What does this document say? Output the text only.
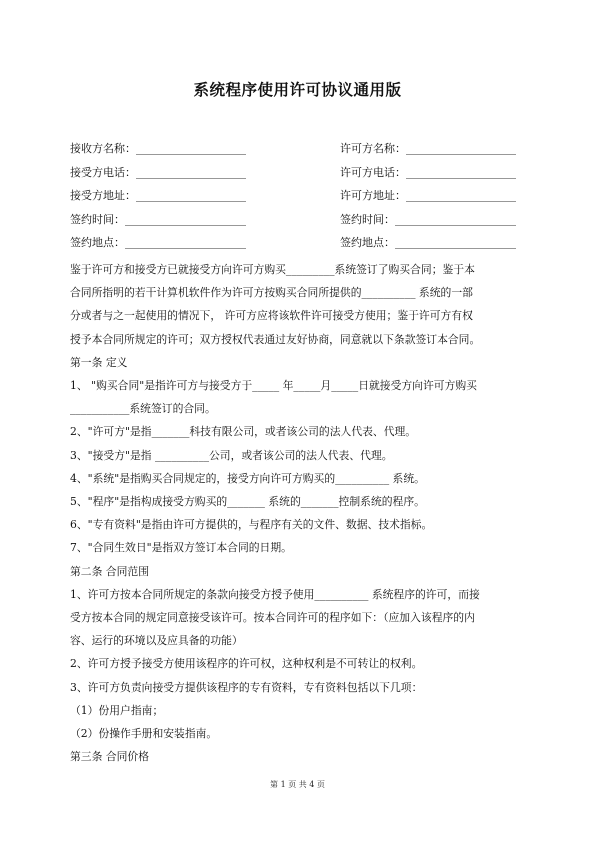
系统程序使用许可协议通用版
接收方名称：____________________	许可方名称：____________________
接受方电话：____________________	许可方电话：____________________
接受方地址：____________________	许可方地址：____________________
签约时间：______________________	签约时间：______________________
签约地点：______________________	签约地点：______________________

鉴于许可方和接受方已就接受方向许可方购买_________系统签订了购买合同；鉴于本

合同所指明的若干计算机软件作为许可方按购买合同所提供的__________ 系统的一部

分或者与之一起使用的情况下， 许可方应将该软件许可接受方使用；鉴于许可方有权

授予本合同所规定的许可；双方授权代表通过友好协商，同意就以下条款签订本合同。

第一条 定义

1、 "购买合同"是指许可方与接受方于_____ 年_____月_____日就接受方向许可方购买

___________系统签订的合同。

2、"许可方"是指_______科技有限公司，或者该公司的法人代表、代理。

3、"接受方"是指 __________公司，或者该公司的法人代表、代理。

4、"系统"是指购买合同规定的，接受方向许可方购买的__________ 系统。

5、"程序"是指构成接受方购买的_______ 系统的_______控制系统的程序。

6、"专有资料"是指由许可方提供的，与程序有关的文件、数据、技术指标。

7、"合同生效日"是指双方签订本合同的日期。

第二条 合同范围

1、许可方按本合同所规定的条款向接受方授予使用__________ 系统程序的许可，而接

受方按本合同的规定同意接受该许可。按本合同许可的程序如下：（应加入该程序的内

容、运行的环境以及应具备的功能）

2、许可方授予接受方使用该程序的许可权，这种权利是不可转让的权利。

3、许可方负责向接受方提供该程序的专有资料，专有资料包括以下几项：

（1）份用户指南；

（2）份操作手册和安装指南。

第三条 合同价格

第 1 页 共 4 页
